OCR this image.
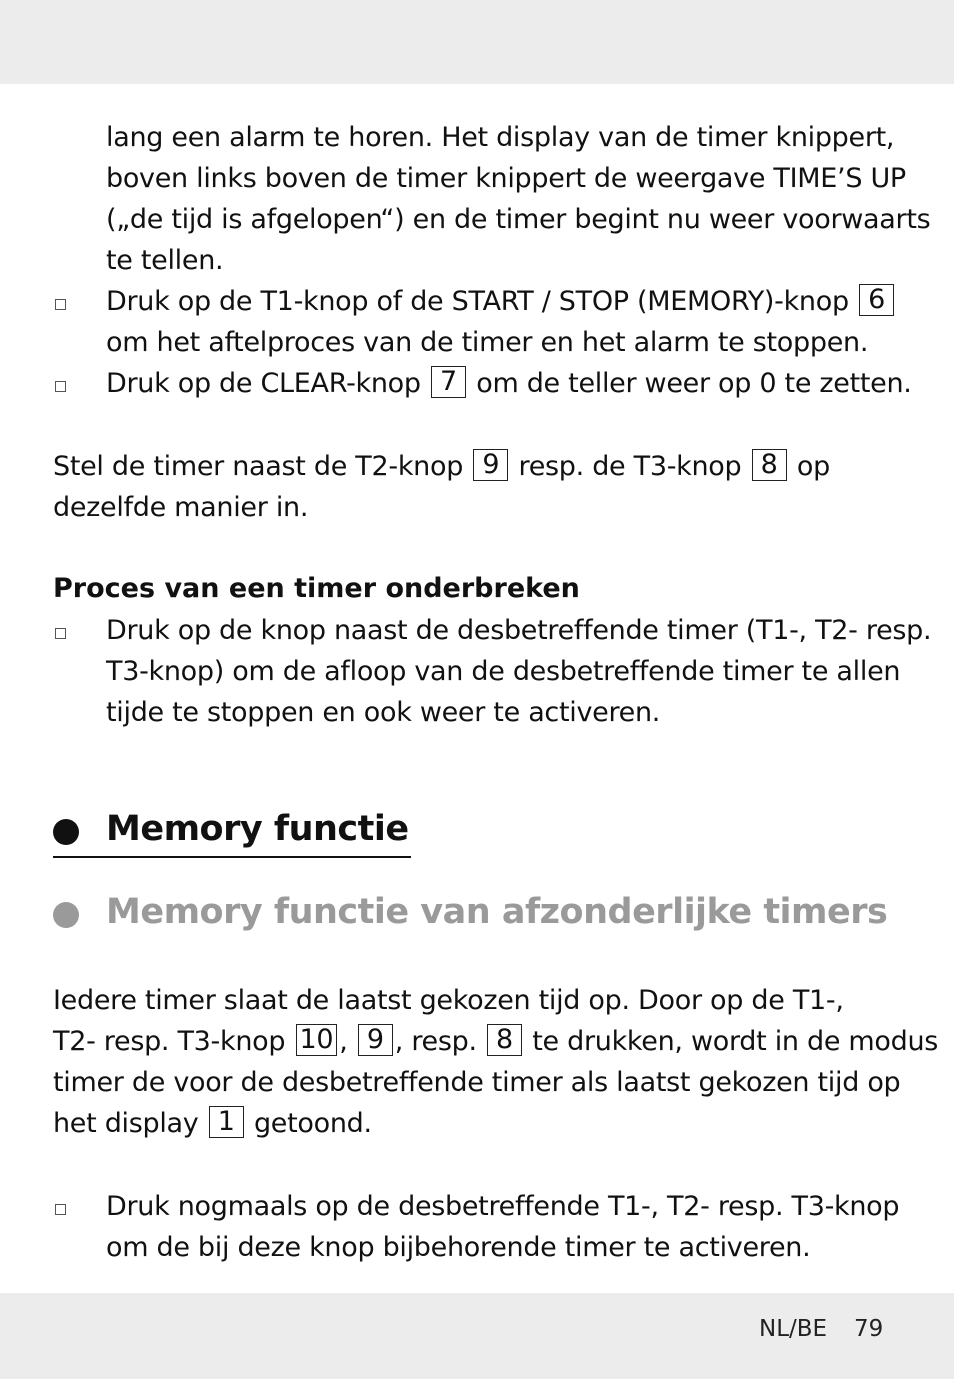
lang een alarm te horen. Het display van de timer knippert,
boven links boven de timer knippert de weergave TIME’S UP
(„de tijd is afgelopen“) en de timer begint nu weer voorwaarts
te tellen.
Druk op de T1-knop of de START / STOP (MEMORY)-knop 6
om het aftelproces van de timer en het alarm te stoppen.
Druk op de CLEAR-knop 7 om de teller weer op 0 te zetten.
Stel de timer naast de T2-knop 9 resp. de T3-knop 8 op
dezelfde manier in.
Proces van een timer onderbreken
Druk op de knop naast de desbetreffende timer (T1-, T2- resp.
T3-knop) om de afloop van de desbetreffende timer te allen
tijde te stoppen en ook weer te activeren.
Memory functie
Memory functie van afzonderlijke timers
Iedere timer slaat de laatst gekozen tijd op. Door op de T1-,
T2- resp. T3-knop 10 , 9 , resp. 8 te drukken, wordt in de modus
timer de voor de desbetreffende timer als laatst gekozen tijd op
het display 1 getoond.
Druk nogmaals op de desbetreffende T1-, T2- resp. T3-knop
om de bij deze knop bijbehorende timer te activeren.
NL/BE 79
